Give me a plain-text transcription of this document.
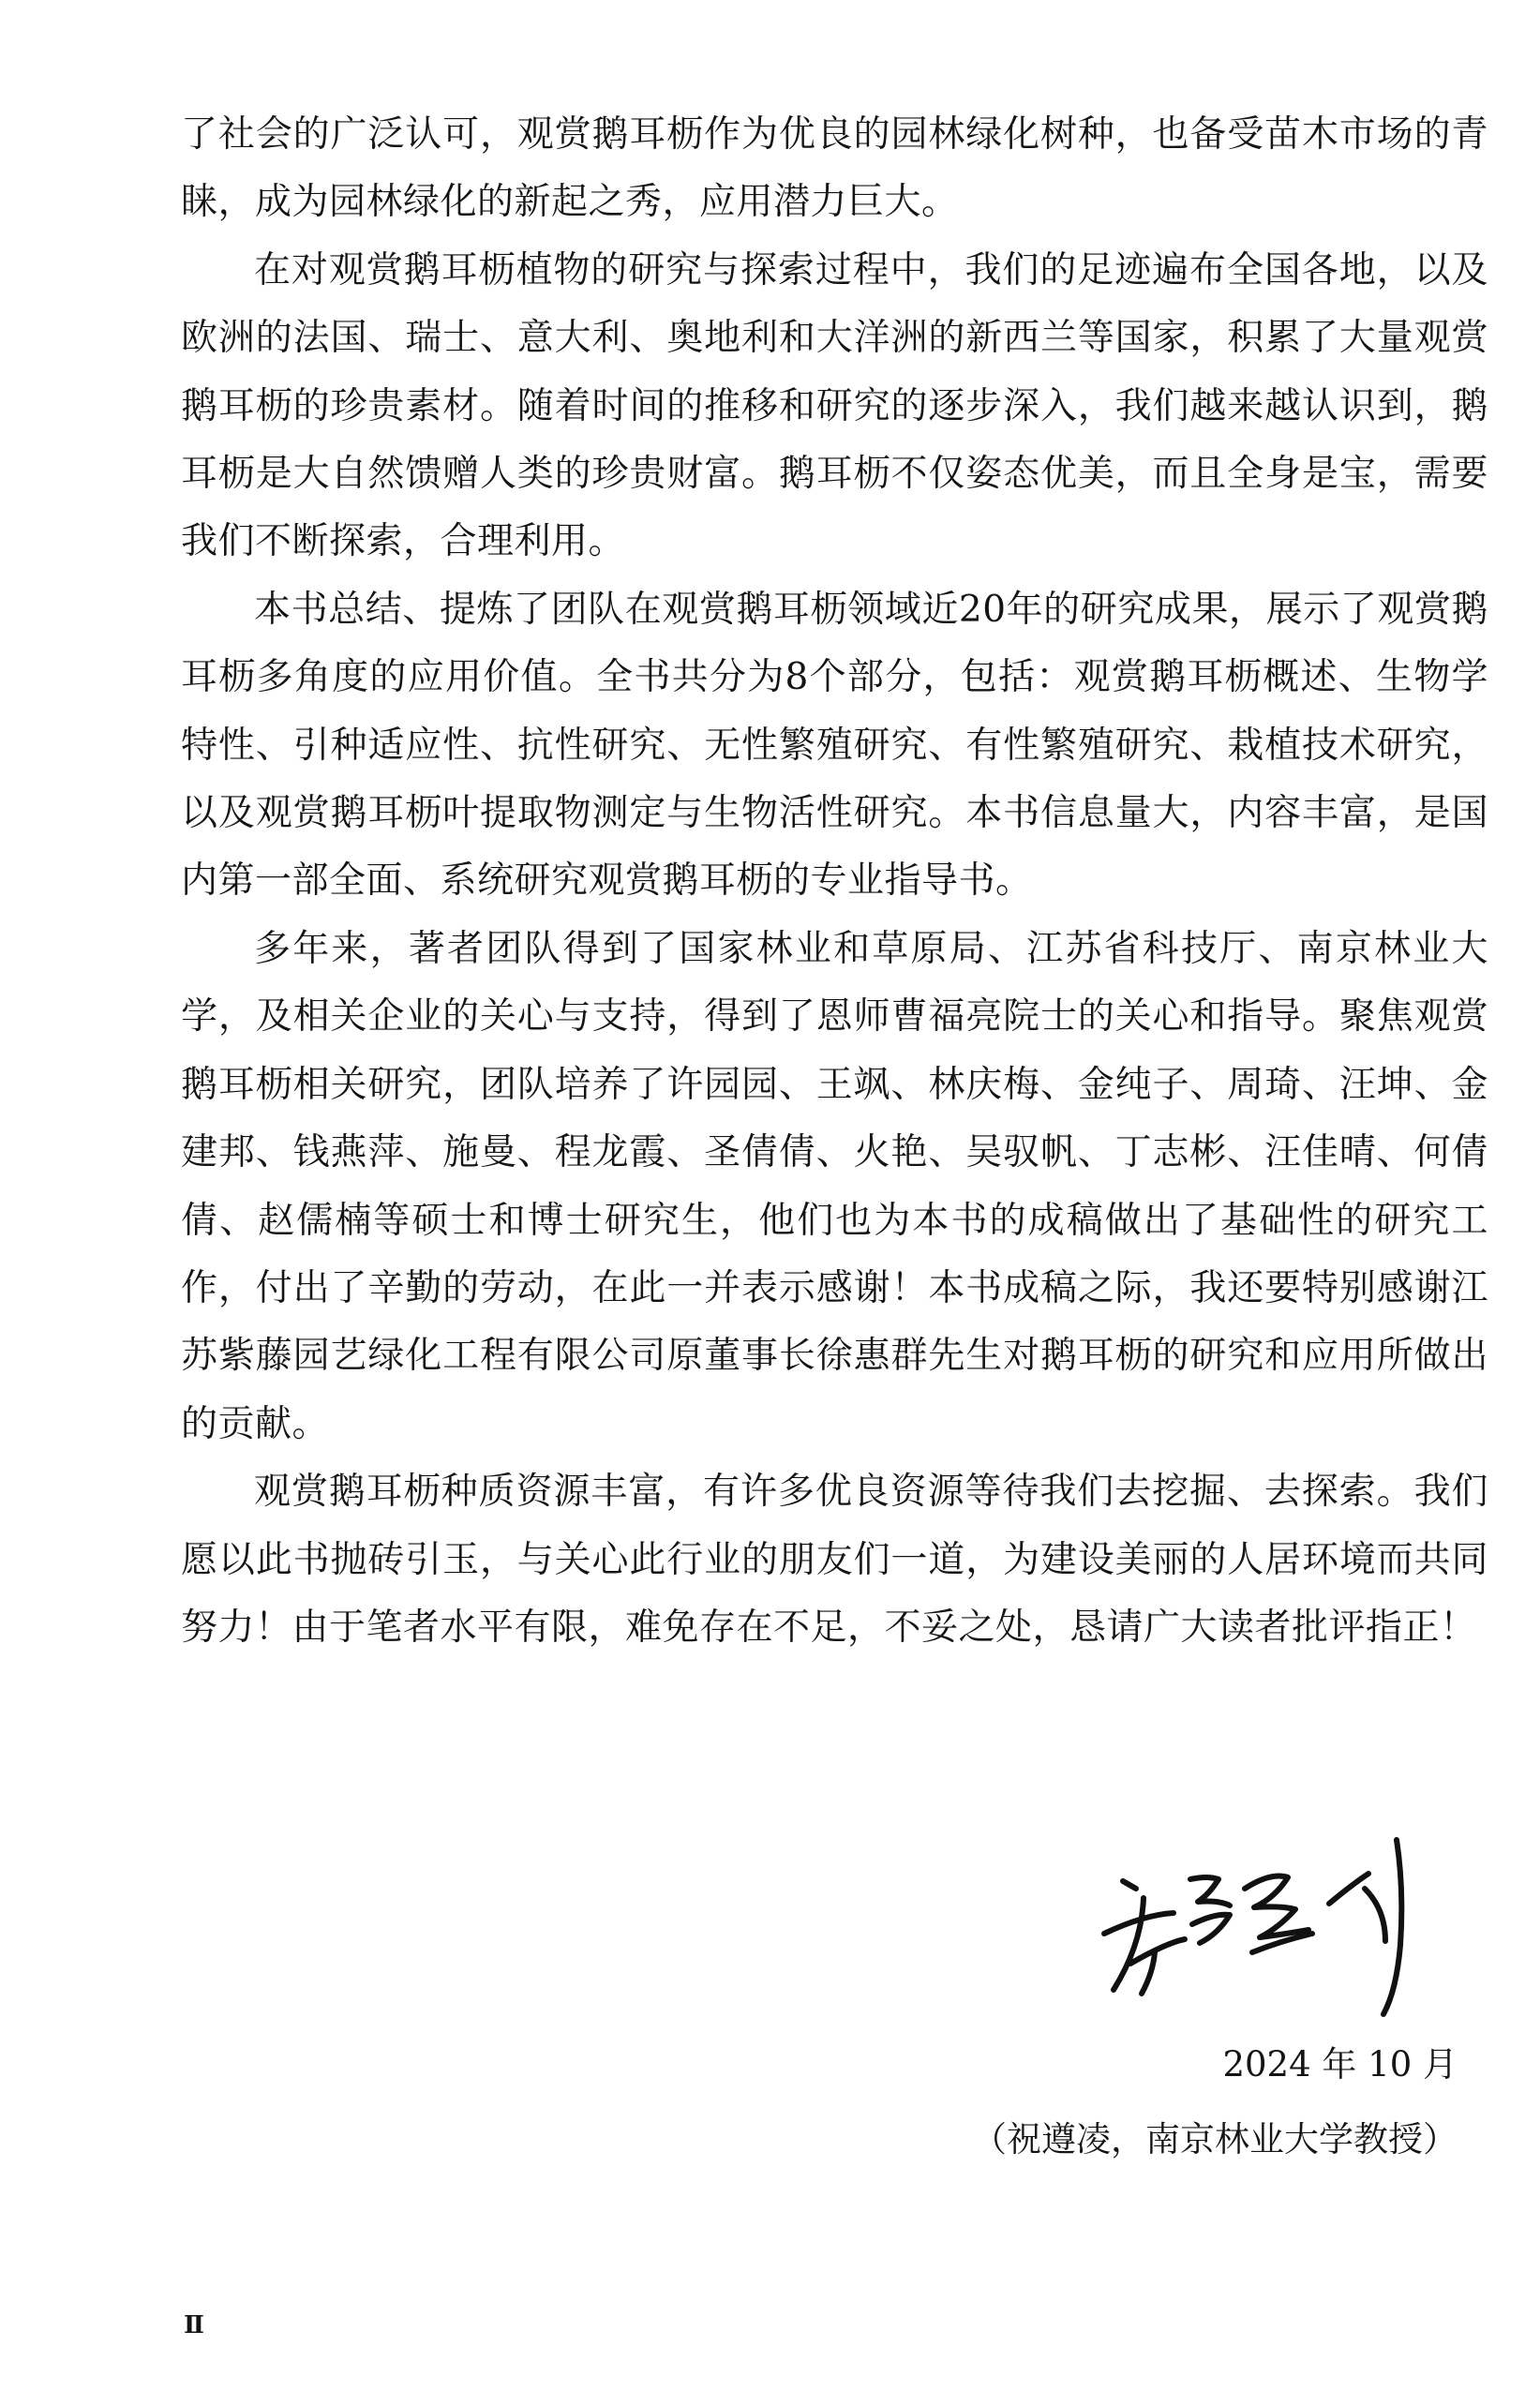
了社会的广泛认可，观赏鹅耳枥作为优良的园林绿化树种，也备受苗木市场的青睐，成为园林绿化的新起之秀，应用潜力巨大。

在对观赏鹅耳枥植物的研究与探索过程中，我们的足迹遍布全国各地，以及欧洲的法国、瑞士、意大利、奥地利和大洋洲的新西兰等国家，积累了大量观赏鹅耳枥的珍贵素材。随着时间的推移和研究的逐步深入，我们越来越认识到，鹅耳枥是大自然馈赠人类的珍贵财富。鹅耳枥不仅姿态优美，而且全身是宝，需要我们不断探索，合理利用。

本书总结、提炼了团队在观赏鹅耳枥领域近20年的研究成果，展示了观赏鹅耳枥多角度的应用价值。全书共分为8个部分，包括：观赏鹅耳枥概述、生物学特性、引种适应性、抗性研究、无性繁殖研究、有性繁殖研究、栽植技术研究，以及观赏鹅耳枥叶提取物测定与生物活性研究。本书信息量大，内容丰富，是国内第一部全面、系统研究观赏鹅耳枥的专业指导书。

多年来，著者团队得到了国家林业和草原局、江苏省科技厅、南京林业大学，及相关企业的关心与支持，得到了恩师曹福亮院士的关心和指导。聚焦观赏鹅耳枥相关研究，团队培养了许园园、王飒、林庆梅、金纯子、周琦、汪坤、金建邦、钱燕萍、施曼、程龙霞、圣倩倩、火艳、吴驭帆、丁志彬、汪佳晴、何倩倩、赵儒楠等硕士和博士研究生，他们也为本书的成稿做出了基础性的研究工作，付出了辛勤的劳动，在此一并表示感谢！本书成稿之际，我还要特别感谢江苏紫藤园艺绿化工程有限公司原董事长徐惠群先生对鹅耳枥的研究和应用所做出的贡献。

观赏鹅耳枥种质资源丰富，有许多优良资源等待我们去挖掘、去探索。我们愿以此书抛砖引玉，与关心此行业的朋友们一道，为建设美丽的人居环境而共同努力！由于笔者水平有限，难免存在不足，不妥之处，恳请广大读者批评指正！

2024 年 10 月
（祝遵凌，南京林业大学教授）
Ⅱ
